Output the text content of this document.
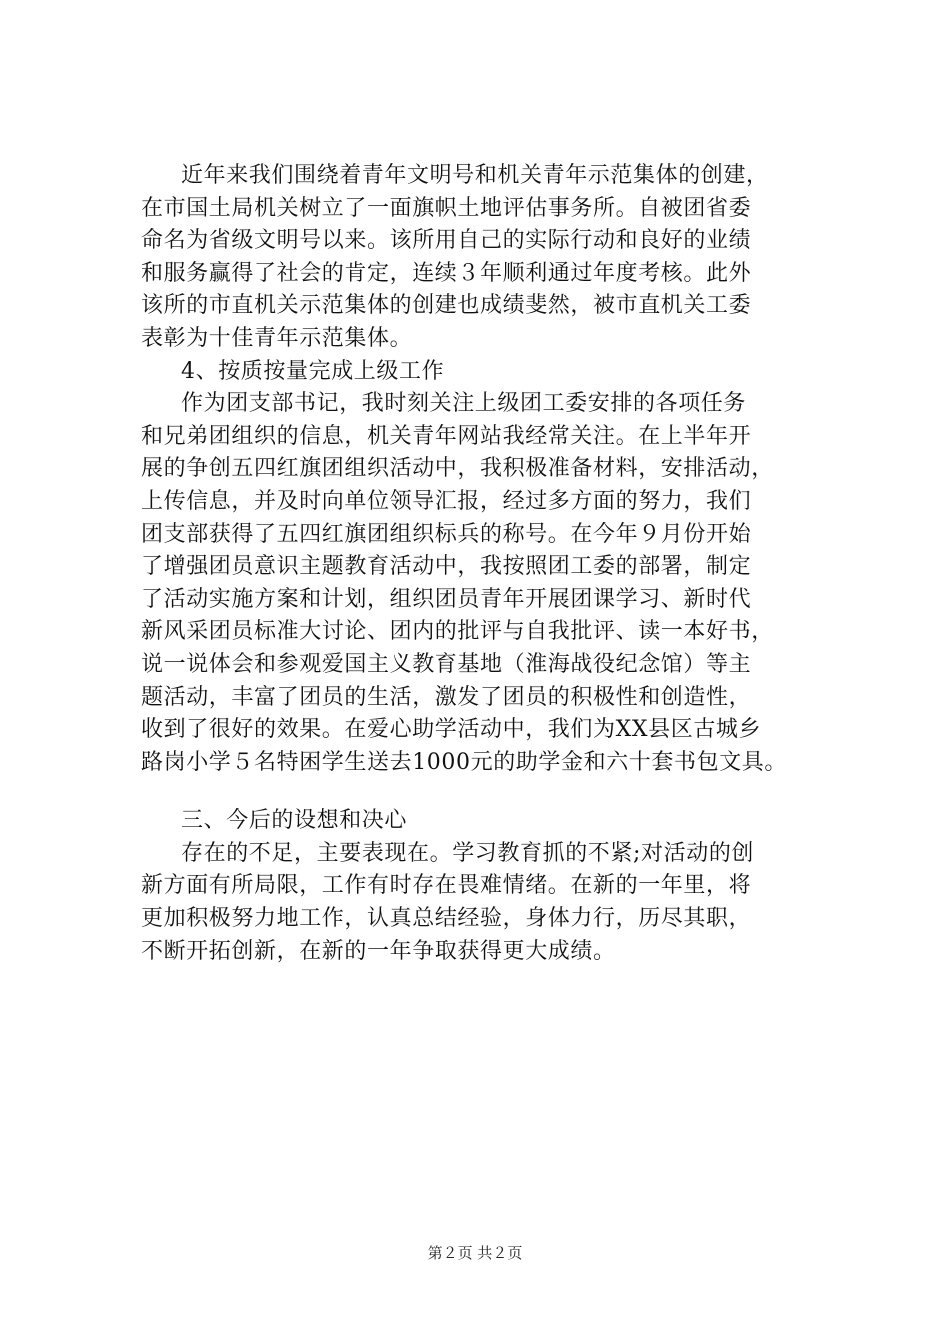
近年来我们围绕着青年文明号和机关青年示范集体的创建，
在市国土局机关树立了一面旗帜土地评估事务所。自被团省委
命名为省级文明号以来。该所用自己的实际行动和良好的业绩
和服务赢得了社会的肯定，连续３年顺利通过年度考核。此外
该所的市直机关示范集体的创建也成绩斐然，被市直机关工委
表彰为十佳青年示范集体。
4、按质按量完成上级工作
作为团支部书记，我时刻关注上级团工委安排的各项任务
和兄弟团组织的信息，机关青年网站我经常关注。在上半年开
展的争创五四红旗团组织活动中，我积极准备材料，安排活动，
上传信息，并及时向单位领导汇报，经过多方面的努力，我们
团支部获得了五四红旗团组织标兵的称号。在今年９月份开始
了增强团员意识主题教育活动中，我按照团工委的部署，制定
了活动实施方案和计划，组织团员青年开展团课学习、新时代
新风采团员标准大讨论、团内的批评与自我批评、读一本好书，
说一说体会和参观爱国主义教育基地（淮海战役纪念馆）等主
题活动，丰富了团员的生活，激发了团员的积极性和创造性，
收到了很好的效果。在爱心助学活动中，我们为XX县区古城乡
路岗小学５名特困学生送去1000元的助学金和六十套书包文具。
三、今后的设想和决心
存在的不足，主要表现在。学习教育抓的不紧;对活动的创
新方面有所局限，工作有时存在畏难情绪。在新的一年里，将
更加积极努力地工作，认真总结经验，身体力行，历尽其职，
不断开拓创新，在新的一年争取获得更大成绩。
第２页 共２页
